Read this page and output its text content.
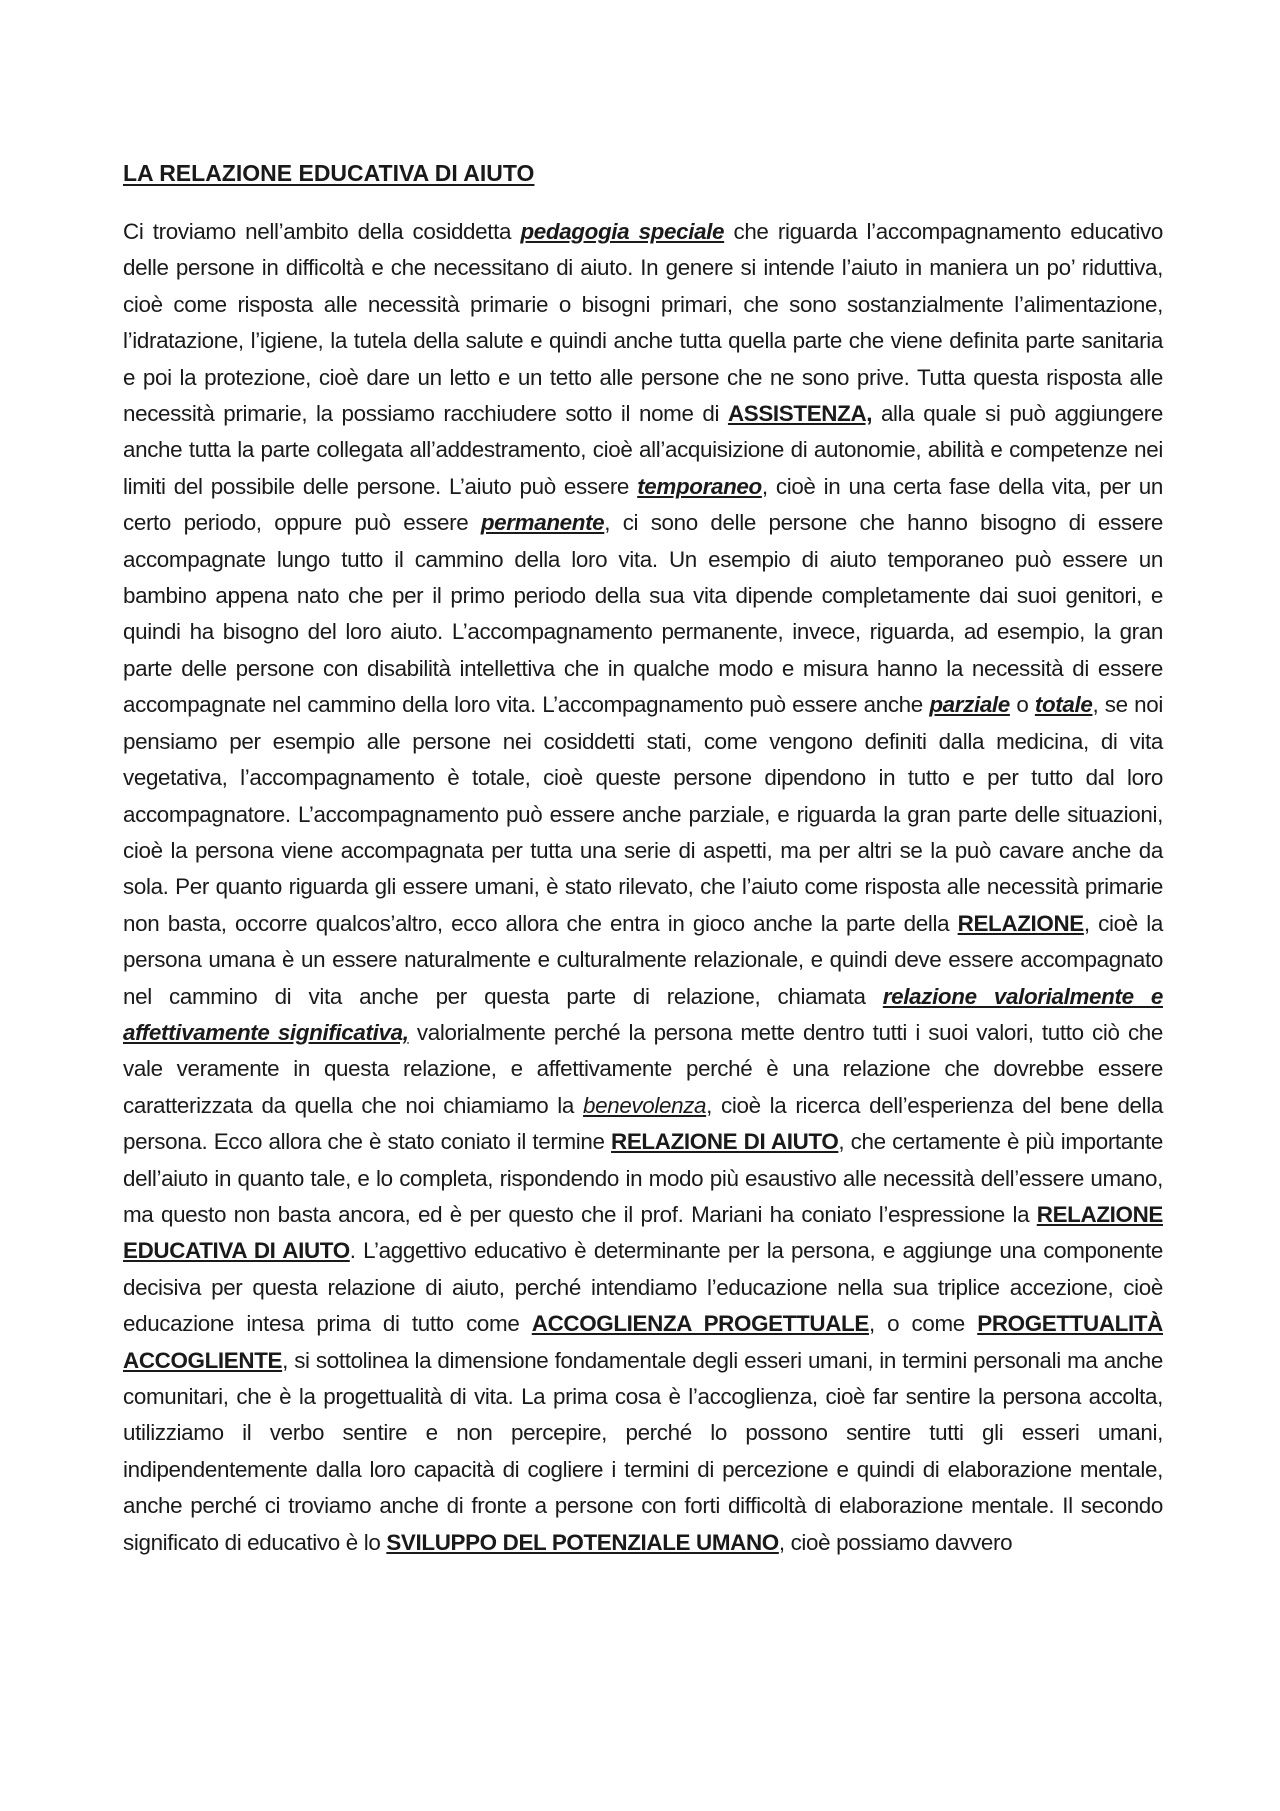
LA RELAZIONE EDUCATIVA DI AIUTO

Ci troviamo nell’ambito della cosiddetta pedagogia speciale che riguarda l’accompagnamento educativo delle persone in difficoltà e che necessitano di aiuto. In genere si intende l’aiuto in maniera un po’ riduttiva, cioè come risposta alle necessità primarie o bisogni primari, che sono sostanzialmente l’alimentazione, l’idratazione, l’igiene, la tutela della salute e quindi anche tutta quella parte che viene definita parte sanitaria e poi la protezione, cioè dare un letto e un tetto alle persone che ne sono prive. Tutta questa risposta alle necessità primarie, la possiamo racchiudere sotto il nome di ASSISTENZA, alla quale si può aggiungere anche tutta la parte collegata all’addestramento, cioè all’acquisizione di autonomie, abilità e competenze nei limiti del possibile delle persone. L’aiuto può essere temporaneo, cioè in una certa fase della vita, per un certo periodo, oppure può essere permanente, ci sono delle persone che hanno bisogno di essere accompagnate lungo tutto il cammino della loro vita. Un esempio di aiuto temporaneo può essere un bambino appena nato che per il primo periodo della sua vita dipende completamente dai suoi genitori, e quindi ha bisogno del loro aiuto. L’accompagnamento permanente, invece, riguarda, ad esempio, la gran parte delle persone con disabilità intellettiva che in qualche modo e misura hanno la necessità di essere accompagnate nel cammino della loro vita. L’accompagnamento può essere anche parziale o totale, se noi pensiamo per esempio alle persone nei cosiddetti stati, come vengono definiti dalla medicina, di vita vegetativa, l’accompagnamento è totale, cioè queste persone dipendono in tutto e per tutto dal loro accompagnatore. L’accompagnamento può essere anche parziale, e riguarda la gran parte delle situazioni, cioè la persona viene accompagnata per tutta una serie di aspetti, ma per altri se la può cavare anche da sola. Per quanto riguarda gli essere umani, è stato rilevato, che l’aiuto come risposta alle necessità primarie non basta, occorre qualcos’altro, ecco allora che entra in gioco anche la parte della RELAZIONE, cioè la persona umana è un essere naturalmente e culturalmente relazionale, e quindi deve essere accompagnato nel cammino di vita anche per questa parte di relazione, chiamata relazione valorialmente e affettivamente significativa, valorialmente perché la persona mette dentro tutti i suoi valori, tutto ciò che vale veramente in questa relazione, e affettivamente perché è una relazione che dovrebbe essere caratterizzata da quella che noi chiamiamo la benevolenza, cioè la ricerca dell’esperienza del bene della persona. Ecco allora che è stato coniato il termine RELAZIONE DI AIUTO, che certamente è più importante dell’aiuto in quanto tale, e lo completa, rispondendo in modo più esaustivo alle necessità dell’essere umano, ma questo non basta ancora, ed è per questo che il prof. Mariani ha coniato l’espressione la RELAZIONE EDUCATIVA DI AIUTO. L’aggettivo educativo è determinante per la persona, e aggiunge una componente decisiva per questa relazione di aiuto, perché intendiamo l’educazione nella sua triplice accezione, cioè educazione intesa prima di tutto come ACCOGLIENZA PROGETTUALE, o come PROGETTUALITÀ ACCOGLIENTE, si sottolinea la dimensione fondamentale degli esseri umani, in termini personali ma anche comunitari, che è la progettualità di vita. La prima cosa è l’accoglienza, cioè far sentire la persona accolta, utilizziamo il verbo sentire e non percepire, perché lo possono sentire tutti gli esseri umani, indipendentemente dalla loro capacità di cogliere i termini di percezione e quindi di elaborazione mentale, anche perché ci troviamo anche di fronte a persone con forti difficoltà di elaborazione mentale. Il secondo significato di educativo è lo SVILUPPO DEL POTENZIALE UMANO, cioè possiamo davvero
